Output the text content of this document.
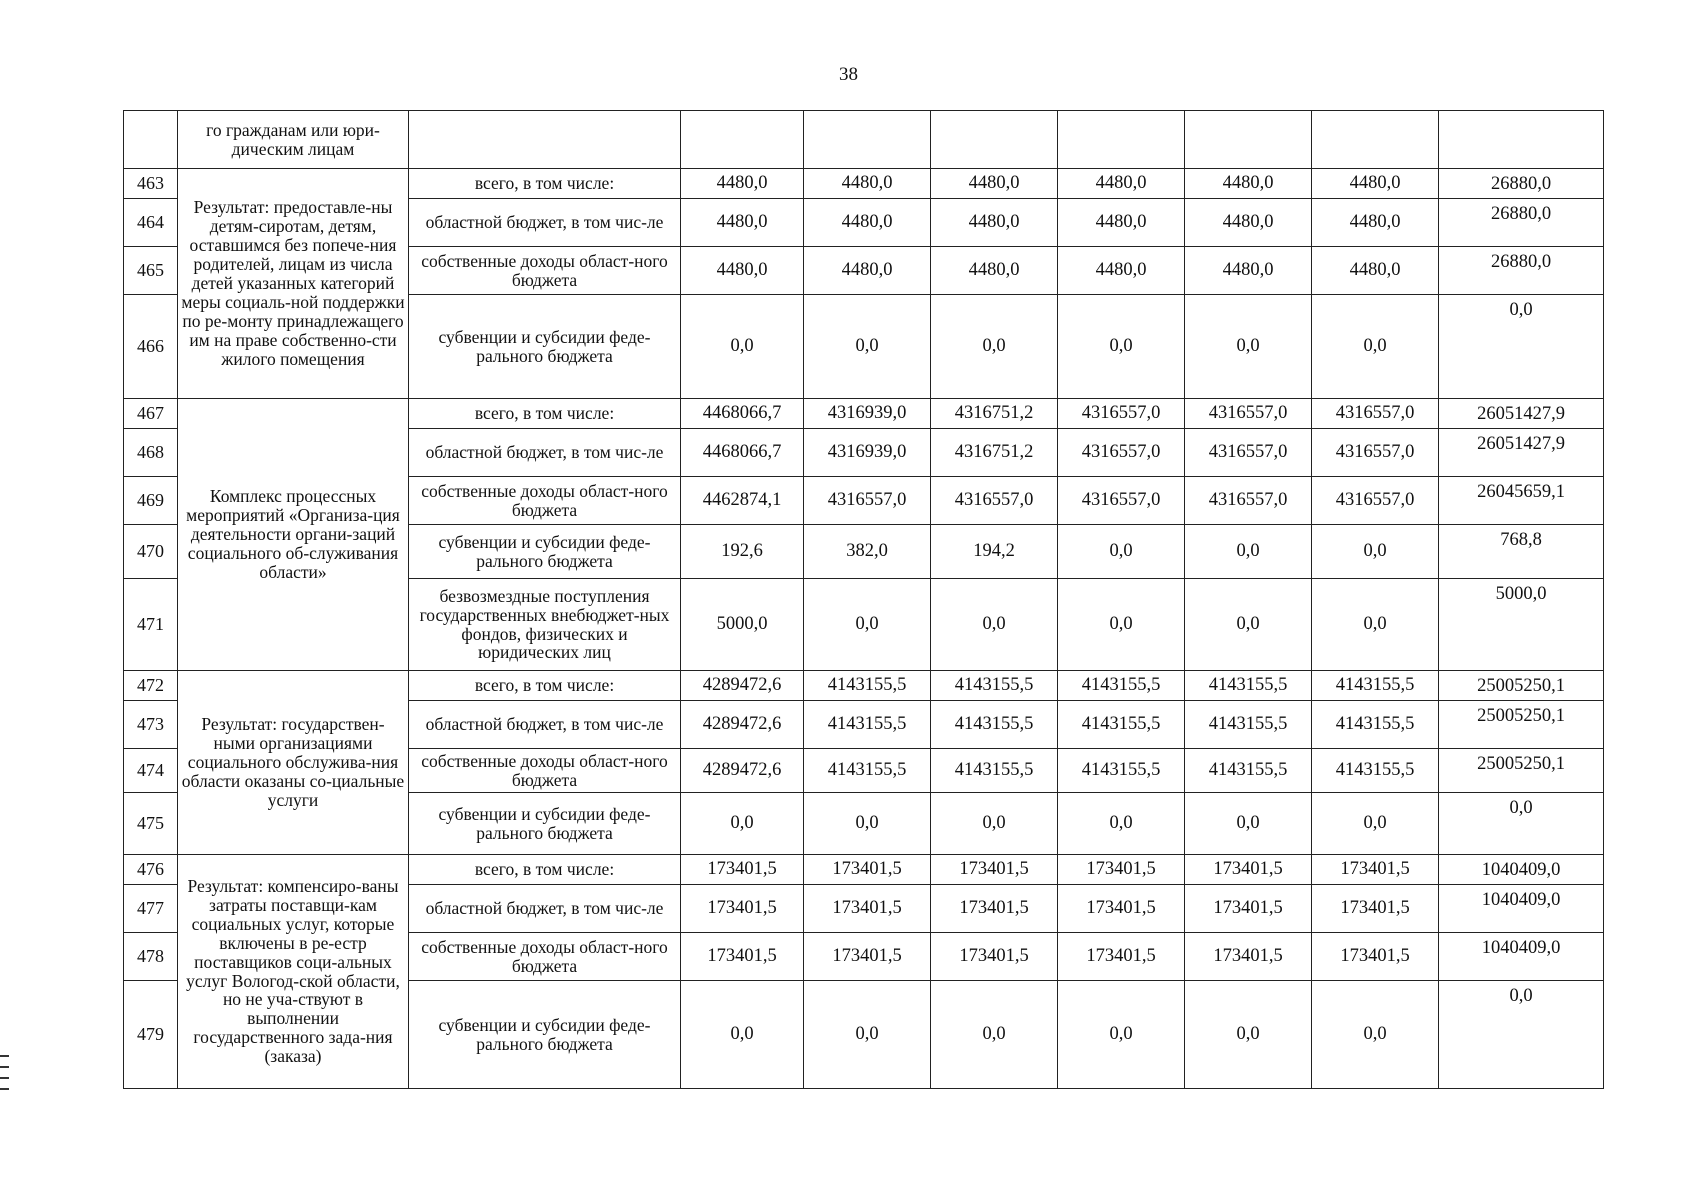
38
	го гражданам или юри-дическим лицам								
463	Результат: предоставле-ны детям-сиротам, детям, оставшимся без попече-ния родителей, лицам из числа детей указанных категорий меры социаль-ной поддержки по ре-монту принадлежащего им на праве собственно-сти жилого помещения	всего, в том числе:	4480,0	4480,0	4480,0	4480,0	4480,0	4480,0	26880,0
464		областной бюджет, в том чис-ле	4480,0	4480,0	4480,0	4480,0	4480,0	4480,0	26880,0
465		собственные доходы област-ного бюджета	4480,0	4480,0	4480,0	4480,0	4480,0	4480,0	26880,0
466		субвенции и субсидии феде-рального бюджета	0,0	0,0	0,0	0,0	0,0	0,0	0,0
467	Комплекс процессных мероприятий «Организа-ция деятельности органи-заций социального об-служивания области»	всего, в том числе:	4468066,7	4316939,0	4316751,2	4316557,0	4316557,0	4316557,0	26051427,9
468		областной бюджет, в том чис-ле	4468066,7	4316939,0	4316751,2	4316557,0	4316557,0	4316557,0	26051427,9
469		собственные доходы област-ного бюджета	4462874,1	4316557,0	4316557,0	4316557,0	4316557,0	4316557,0	26045659,1
470		субвенции и субсидии феде-рального бюджета	192,6	382,0	194,2	0,0	0,0	0,0	768,8
471		безвозмездные поступления государственных внебюджет-ных фондов, физических и юридических лиц	5000,0	0,0	0,0	0,0	0,0	0,0	5000,0
472	Результат: государствен-ными организациями социального обслужива-ния области оказаны со-циальные услуги	всего, в том числе:	4289472,6	4143155,5	4143155,5	4143155,5	4143155,5	4143155,5	25005250,1
473		областной бюджет, в том чис-ле	4289472,6	4143155,5	4143155,5	4143155,5	4143155,5	4143155,5	25005250,1
474		собственные доходы област-ного бюджета	4289472,6	4143155,5	4143155,5	4143155,5	4143155,5	4143155,5	25005250,1
475		субвенции и субсидии феде-рального бюджета	0,0	0,0	0,0	0,0	0,0	0,0	0,0
476	Результат: компенсиро-ваны затраты поставщи-кам социальных услуг, которые включены в ре-естр поставщиков соци-альных услуг Вологод-ской области, но не уча-ствуют в выполнении государственного зада-ния (заказа)	всего, в том числе:	173401,5	173401,5	173401,5	173401,5	173401,5	173401,5	1040409,0
477		областной бюджет, в том чис-ле	173401,5	173401,5	173401,5	173401,5	173401,5	173401,5	1040409,0
478		собственные доходы област-ного бюджета	173401,5	173401,5	173401,5	173401,5	173401,5	173401,5	1040409,0
479		субвенции и субсидии феде-рального бюджета	0,0	0,0	0,0	0,0	0,0	0,0	0,0
